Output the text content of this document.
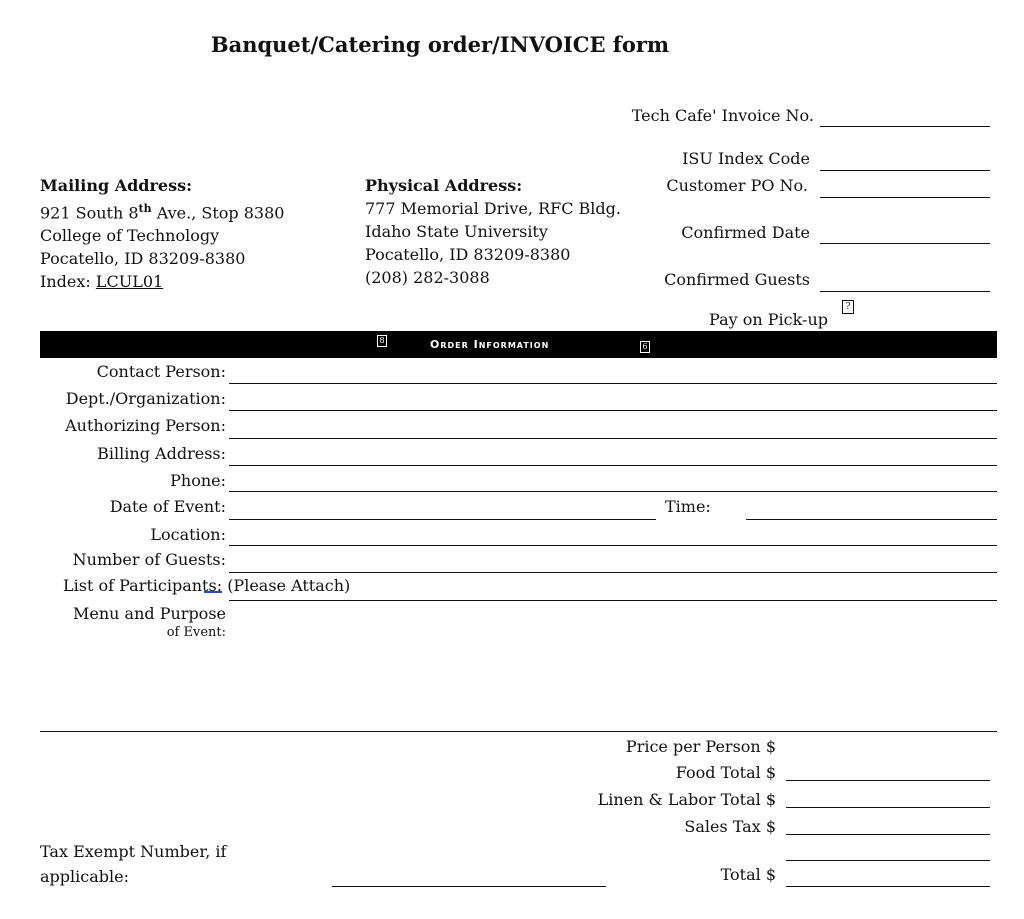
Banquet/Catering order/INVOICE form
Tech Cafe' Invoice No.
ISU Index Code
Customer PO No.
Confirmed Date
Confirmed Guests
Pay on Pick-up
?
Mailing Address:
921 South 8th Ave., Stop 8380
College of Technology
Pocatello, ID 83209-8380
Index: LCUL01
Physical Address:
777 Memorial Drive, RFC Bldg.
Idaho State University
Pocatello, ID 83209-8380
(208) 282-3088
8	Order Information	6
Contact Person:
Dept./Organization:
Authorizing Person:
Billing Address:
Phone:
Date of Event:	Time:
Location:
Number of Guests:
List of Participants: (Please Attach)
Menu and Purpose
of Event:
Price per Person $
Food Total $
Linen & Labor Total $
Sales Tax $
Total $
Tax Exempt Number, if
applicable:
